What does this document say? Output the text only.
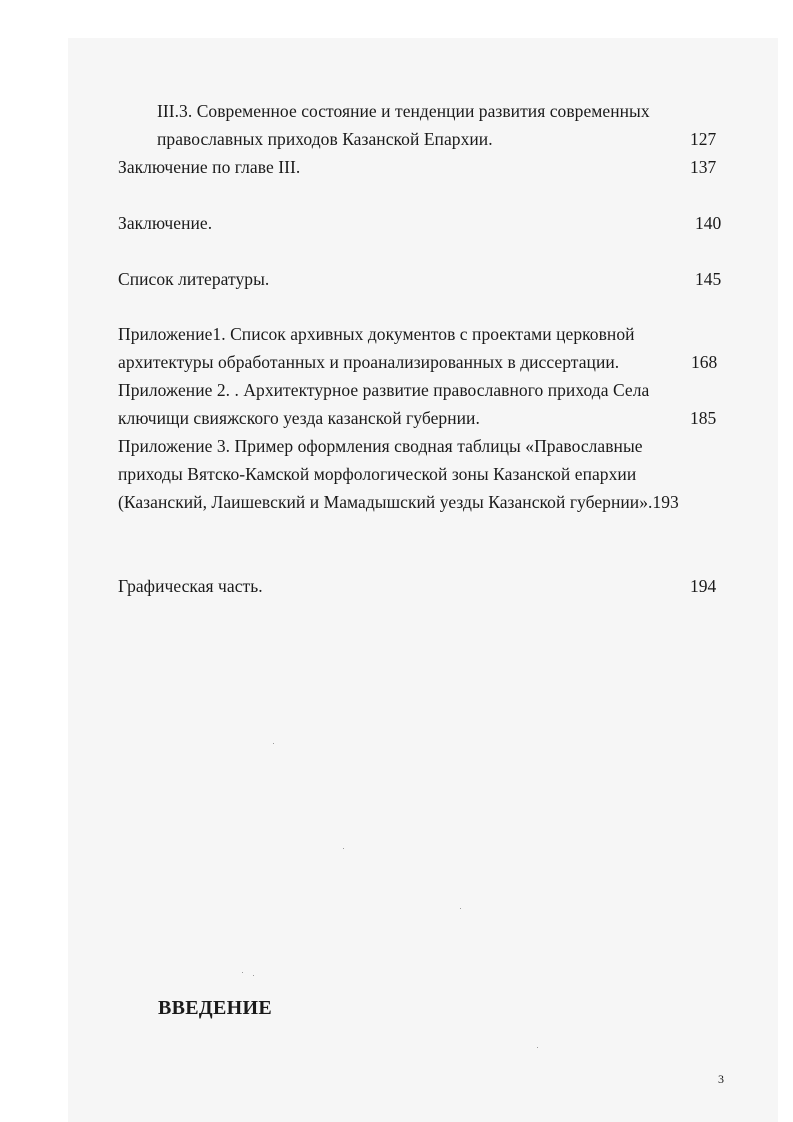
III.3. Современное состояние и тенденции развития современных
православных приходов Казанской Епархии.	127
Заключение по главе III.	137
Заключение.	140
Список литературы.	145
Приложение1. Список архивных документов с проектами церковной
архитектуры обработанных и проанализированных в диссертации.	168
Приложение 2. . Архитектурное развитие православного прихода Села
ключищи свияжского уезда казанской губернии.	185
Приложение 3. Пример оформления сводная таблицы «Православные
приходы Вятско-Камской морфологической зоны Казанской епархии
(Казанский, Лаишевский и Мамадышский уезды Казанской губернии».193
Графическая часть.	194
ВВЕДЕНИЕ
3
